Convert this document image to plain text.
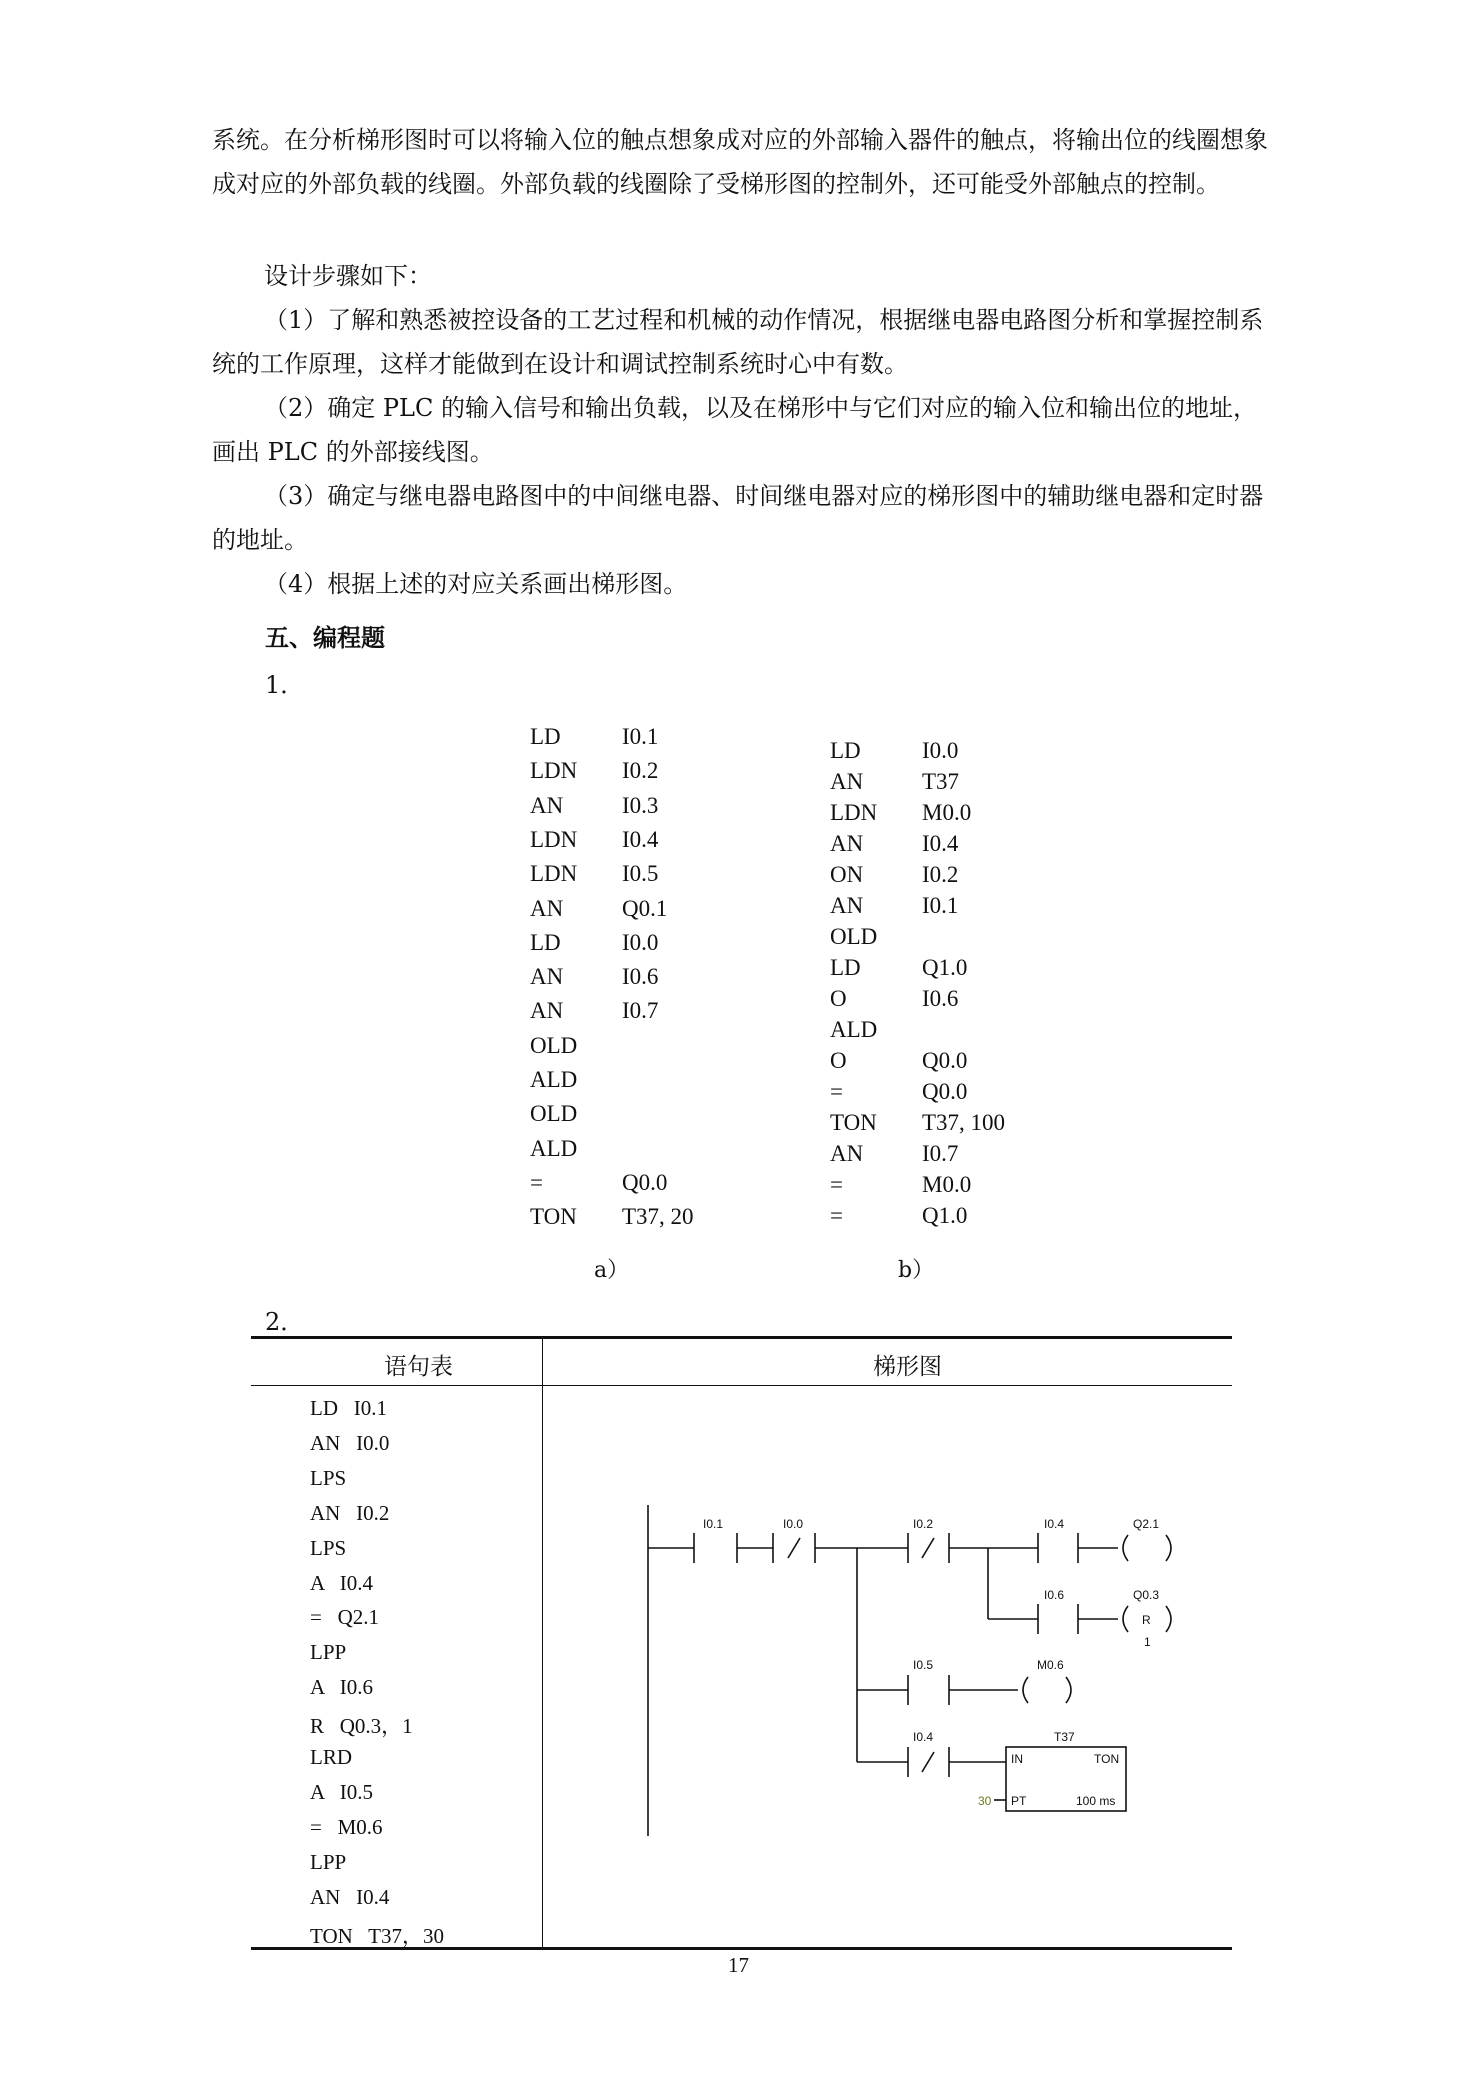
系统。在分析梯形图时可以将输入位的触点想象成对应的外部输入器件的触点，将输出位的线圈想象成对应的外部负载的线圈。外部负载的线圈除了受梯形图的控制外，还可能受外部触点的控制。

设计步骤如下：

（1）了解和熟悉被控设备的工艺过程和机械的动作情况，根据继电器电路图分析和掌握控制系统的工作原理，这样才能做到在设计和调试控制系统时心中有数。

（2）确定 PLC 的输入信号和输出负载，以及在梯形中与它们对应的输入位和输出位的地址，画出 PLC 的外部接线图。

（3）确定与继电器电路图中的中间继电器、时间继电器对应的梯形图中的辅助继电器和定时器的地址。

（4）根据上述的对应关系画出梯形图。

五、编程题
1．
LD	I0.1
LDN I0.2
AN	I0.3
LDN I0.4
LDN I0.5
AN	Q0.1
LD	I0.0
AN	I0.6
AN	I0.7
OLD
ALD
OLD
ALD
=	Q0.0
TON T37, 20
LD	I0.0
AN	T37
LDN M0.0
AN	I0.4
ON	I0.2
AN	I0.1
OLD
LD	Q1.0
O	I0.6
ALD
O	Q0.0
=	Q0.0
TON T37, 100
AN	I0.7
=	M0.0
=	Q1.0
a）	b）
2．
语句表	梯形图
LD   I0.1
AN   I0.0
LPS
AN   I0.2
LPS
A   I0.4
=   Q2.1
LPP
A   I0.6
R   Q0.3，1
LRD
A   I0.5
=   M0.6
LPP
AN   I0.4
TON   T37，30
I0.1	I0.0	I0.2	I0.4	Q2.1
I0.6	Q0.3
R
1
I0.5	M0.6
I0.4	T37
IN	TON
PT	100 ms
30
17
